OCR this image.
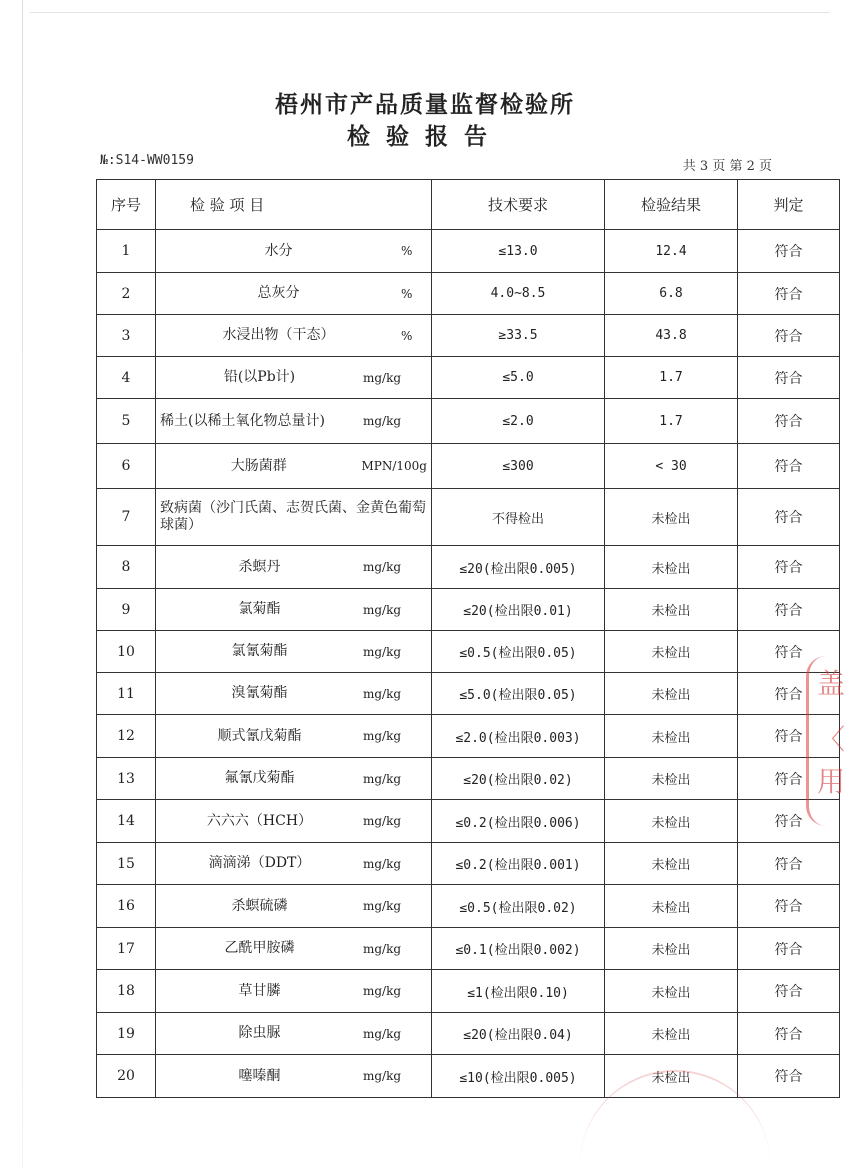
梧州市产品质量监督检验所
检验报告
№:S14-WW0159	共 3 页 第 2 页
序号	检 验 项 目	技术要求	检验结果	判定
1	水分 %	≤13.0	12.4	符合
2	总灰分 %	4.0~8.5	6.8	符合
3	水浸出物（干态） %	≥33.5	43.8	符合
4	铅(以Pb计) mg/kg	≤5.0	1.7	符合
5	稀土(以稀土氧化物总量计) mg/kg	≤2.0	1.7	符合
6	大肠菌群 MPN/100g	≤300	< 30	符合
7	致病菌（沙门氏菌、志贺氏菌、金黄色葡萄球菌）	不得检出	未检出	符合
8	杀螟丹 mg/kg	≤20(检出限0.005)	未检出	符合
9	氯菊酯 mg/kg	≤20(检出限0.01)	未检出	符合
10	氯氰菊酯 mg/kg	≤0.5(检出限0.05)	未检出	符合
11	溴氰菊酯 mg/kg	≤5.0(检出限0.05)	未检出	符合
12	顺式氰戊菊酯 mg/kg	≤2.0(检出限0.003)	未检出	符合
13	氟氰戊菊酯 mg/kg	≤20(检出限0.02)	未检出	符合
14	六六六（HCH） mg/kg	≤0.2(检出限0.006)	未检出	符合
15	滴滴涕（DDT） mg/kg	≤0.2(检出限0.001)	未检出	符合
16	杀螟硫磷 mg/kg	≤0.5(检出限0.02)	未检出	符合
17	乙酰甲胺磷 mg/kg	≤0.1(检出限0.002)	未检出	符合
18	草甘膦 mg/kg	≤1(检出限0.10)	未检出	符合
19	除虫脲 mg/kg	≤20(检出限0.04)	未检出	符合
20	噻嗪酮 mg/kg	≤10(检出限0.005)	未检出	符合
盖
〈
用
